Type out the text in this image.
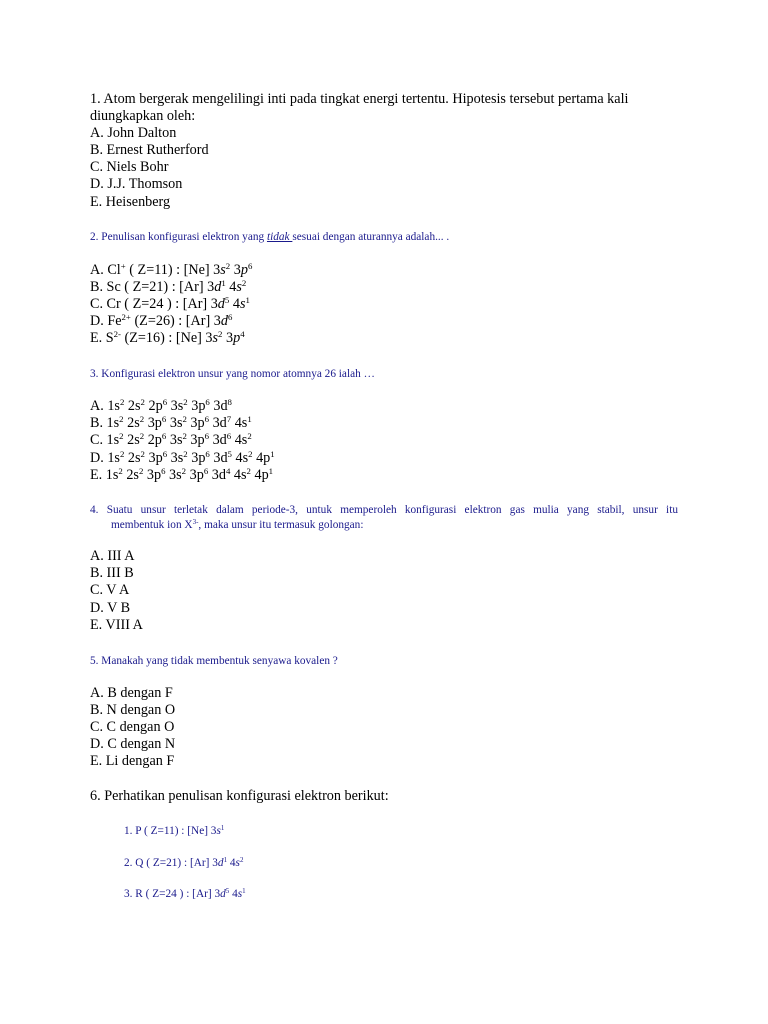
1. Atom bergerak mengelilingi inti pada tingkat energi tertentu. Hipotesis tersebut pertama kali
diungkapkan oleh:
A. John Dalton
B. Ernest Rutherford
C. Niels Bohr
D. J.J. Thomson
E. Heisenberg
2. Penulisan konfigurasi elektron yang tidak sesuai dengan aturannya adalah... .
A. Cl+ ( Z=11) : [Ne] $3s^2$ $3p^6$
B. Sc ( Z=21) : [Ar] $3d^1$ $4s^2$
C. Cr ( Z=24 ) : [Ar] $3d^5$ $4s^1$
D. $Fe^{2+}$ (Z=26) : [Ar] $3d^6$
E. $S^{2-}$ (Z=16) : [Ne] $3s^2$ $3p^4$
3. Konfigurasi elektron unsur yang nomor atomnya 26 ialah …
A. $1s^2$ $2s^2$ $2p^6$ $3s^2$ $3p^6$ $3d^8$
B. $1s^2$ $2s^2$ $3p^6$ $3s^2$ $3p^6$ $3d^7$ $4s^1$
C. $1s^2$ $2s^2$ $2p^6$ $3s^2$ $3p^6$ $3d^6$ $4s^2$
D. $1s^2$ $2s^2$ $3p^6$ $3s^2$ $3p^6$ $3d^5$ $4s^2$ $4p^1$
E. $1s^2$ $2s^2$ $3p^6$ $3s^2$ $3p^6$ $3d^4$ $4s^2$ $4p^1$
4. Suatu unsur terletak dalam periode-3, untuk memperoleh konfigurasi elektron gas mulia yang stabil, unsur itu
membentuk ion $X^{3-}$, maka unsur itu termasuk golongan:
A. III A
B. III B
C. V A
D. V B
E. VIII A
5. Manakah yang tidak membentuk senyawa kovalen ?
A. B dengan F
B. N dengan O
C. C dengan O
D. C dengan N
E. Li dengan F
6. Perhatikan penulisan konfigurasi elektron berikut:
1. P ( Z=11) : [Ne] $3s^1$
2. Q ( Z=21) : [Ar] $3d^1$ $4s^2$
3. R ( Z=24 ) : [Ar] $3d^5$ $4s^1$
